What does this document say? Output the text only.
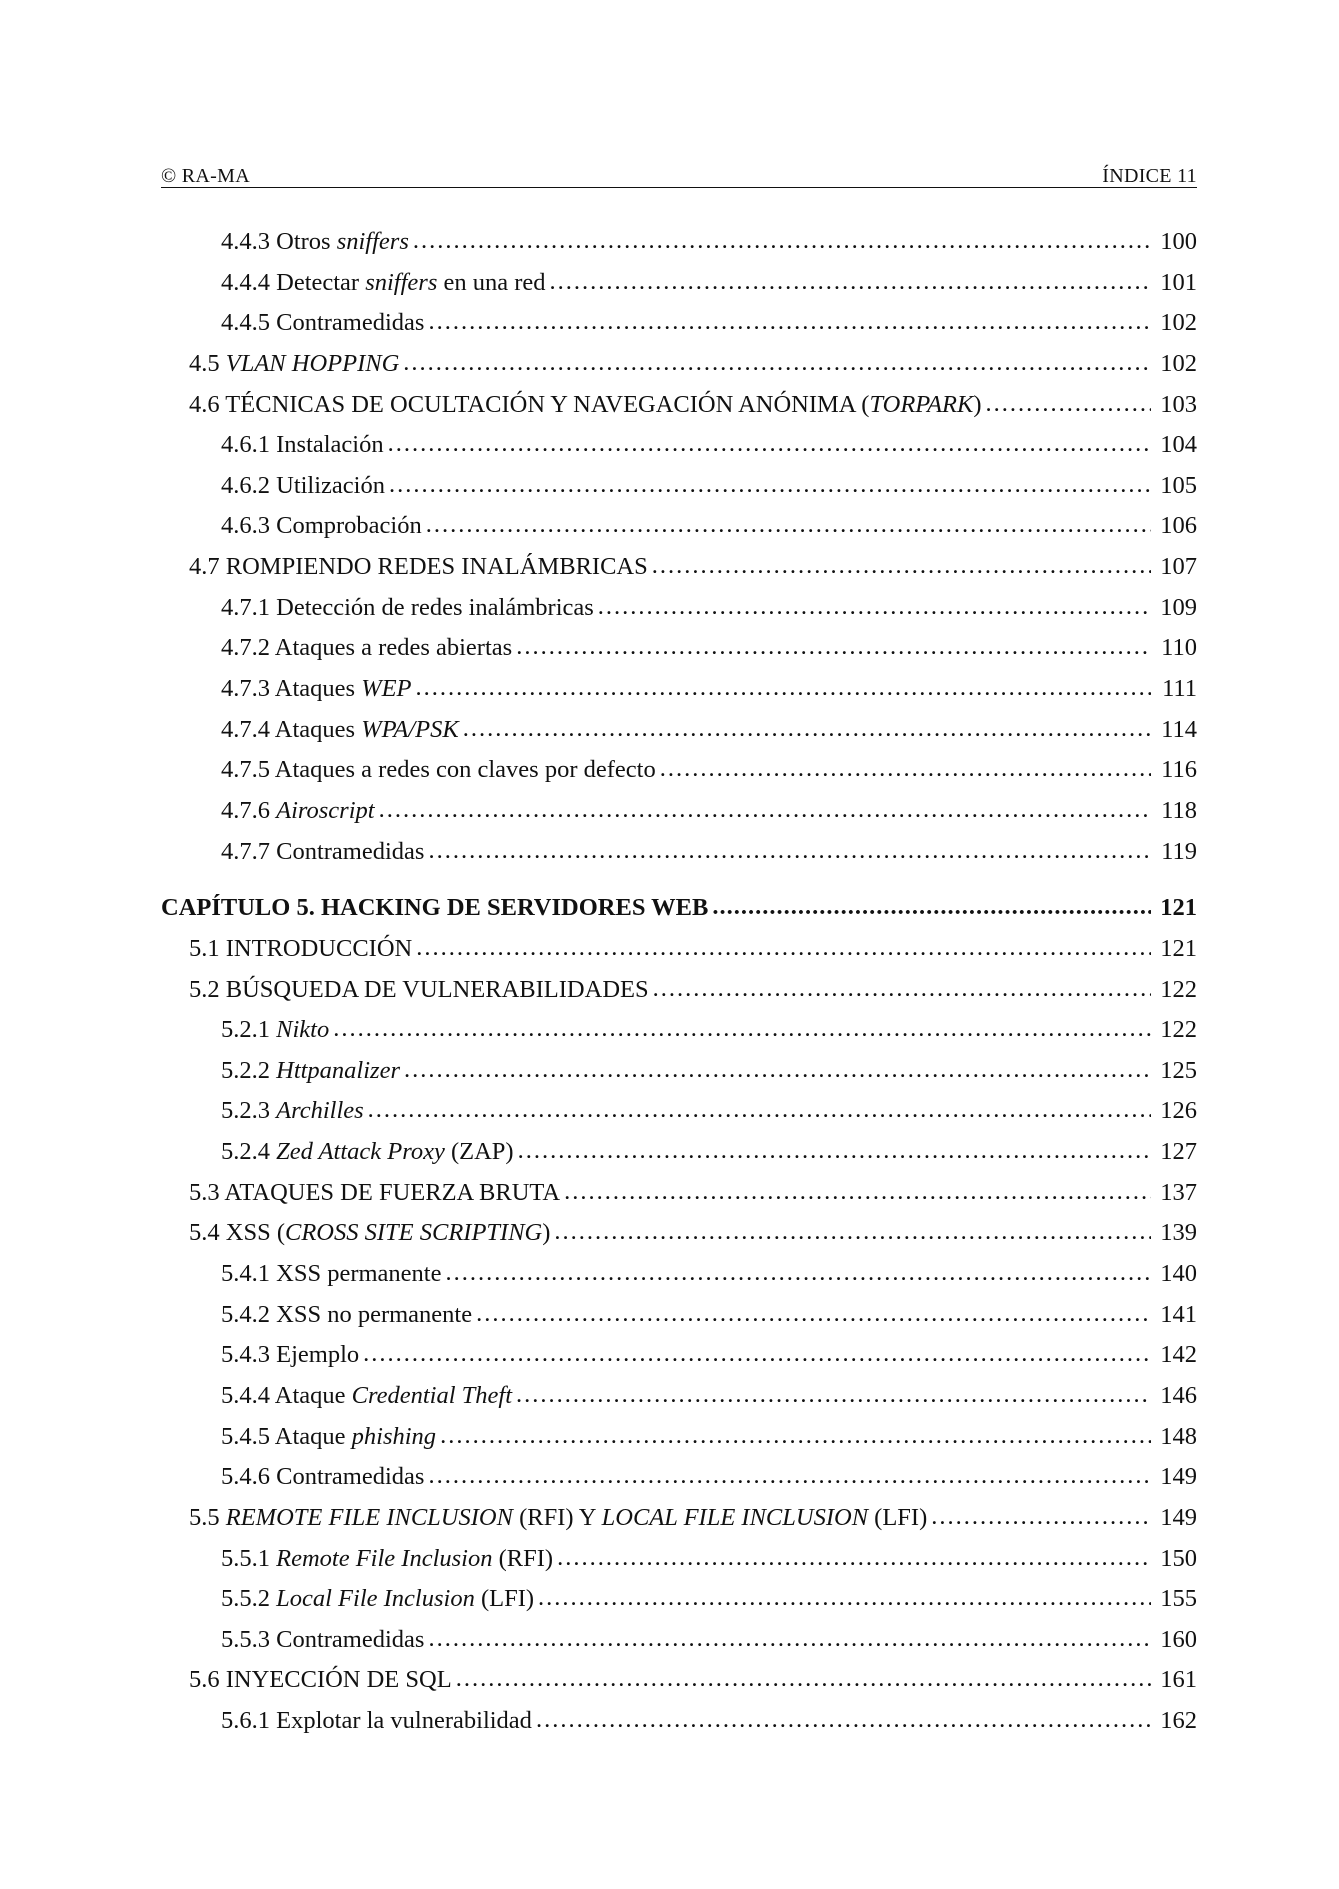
© RA-MA	ÍNDICE 11
4.4.3 Otros sniffers .....	100
4.4.4 Detectar sniffers en una red .....	101
4.4.5 Contramedidas .....	102
4.5 VLAN HOPPING .....	102
4.6 TÉCNICAS DE OCULTACIÓN Y NAVEGACIÓN ANÓNIMA (TORPARK) .....	103
4.6.1 Instalación .....	104
4.6.2 Utilización .....	105
4.6.3 Comprobación .....	106
4.7 ROMPIENDO REDES INALÁMBRICAS .....	107
4.7.1 Detección de redes inalámbricas .....	109
4.7.2 Ataques a redes abiertas .....	110
4.7.3 Ataques WEP .....	111
4.7.4 Ataques WPA/PSK .....	114
4.7.5 Ataques a redes con claves por defecto .....	116
4.7.6 Airoscript .....	118
4.7.7 Contramedidas .....	119
CAPÍTULO 5. HACKING DE SERVIDORES WEB .....	121
5.1 INTRODUCCIÓN .....	121
5.2 BÚSQUEDA DE VULNERABILIDADES .....	122
5.2.1 Nikto .....	122
5.2.2 Httpanalizer .....	125
5.2.3 Archilles .....	126
5.2.4 Zed Attack Proxy (ZAP) .....	127
5.3 ATAQUES DE FUERZA BRUTA .....	137
5.4 XSS (CROSS SITE SCRIPTING) .....	139
5.4.1 XSS permanente .....	140
5.4.2 XSS no permanente .....	141
5.4.3 Ejemplo .....	142
5.4.4 Ataque Credential Theft .....	146
5.4.5 Ataque phishing .....	148
5.4.6 Contramedidas .....	149
5.5 REMOTE FILE INCLUSION (RFI) Y LOCAL FILE INCLUSION (LFI) .....	149
5.5.1 Remote File Inclusion (RFI) .....	150
5.5.2 Local File Inclusion (LFI) .....	155
5.5.3 Contramedidas .....	160
5.6 INYECCIÓN DE SQL .....	161
5.6.1 Explotar la vulnerabilidad .....	162
